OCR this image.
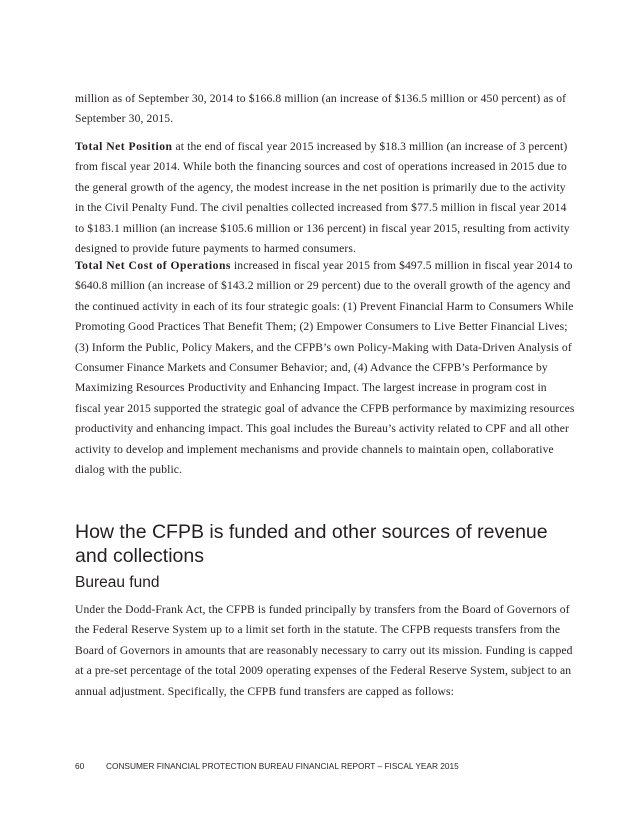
million as of September 30, 2014 to $166.8 million (an increase of $136.5 million or 450 percent) as of September 30, 2015.

Total Net Position at the end of fiscal year 2015 increased by $18.3 million (an increase of 3 percent) from fiscal year 2014. While both the financing sources and cost of operations increased in 2015 due to the general growth of the agency, the modest increase in the net position is primarily due to the activity in the Civil Penalty Fund. The civil penalties collected increased from $77.5 million in fiscal year 2014 to $183.1 million (an increase $105.6 million or 136 percent) in fiscal year 2015, resulting from activity designed to provide future payments to harmed consumers.

Total Net Cost of Operations increased in fiscal year 2015 from $497.5 million in fiscal year 2014 to $640.8 million (an increase of $143.2 million or 29 percent) due to the overall growth of the agency and the continued activity in each of its four strategic goals: (1) Prevent Financial Harm to Consumers While Promoting Good Practices That Benefit Them; (2) Empower Consumers to Live Better Financial Lives; (3) Inform the Public, Policy Makers, and the CFPB’s own Policy-Making with Data-Driven Analysis of Consumer Finance Markets and Consumer Behavior; and, (4) Advance the CFPB’s Performance by Maximizing Resources Productivity and Enhancing Impact. The largest increase in program cost in fiscal year 2015 supported the strategic goal of advance the CFPB performance by maximizing resources productivity and enhancing impact. This goal includes the Bureau’s activity related to CPF and all other activity to develop and implement mechanisms and provide channels to maintain open, collaborative dialog with the public.

How the CFPB is funded and other sources of revenue and collections
Bureau fund

Under the Dodd-Frank Act, the CFPB is funded principally by transfers from the Board of Governors of the Federal Reserve System up to a limit set forth in the statute. The CFPB requests transfers from the Board of Governors in amounts that are reasonably necessary to carry out its mission. Funding is capped at a pre-set percentage of the total 2009 operating expenses of the Federal Reserve System, subject to an annual adjustment. Specifically, the CFPB fund transfers are capped as follows:

60	CONSUMER FINANCIAL PROTECTION BUREAU FINANCIAL REPORT – FISCAL YEAR 2015
